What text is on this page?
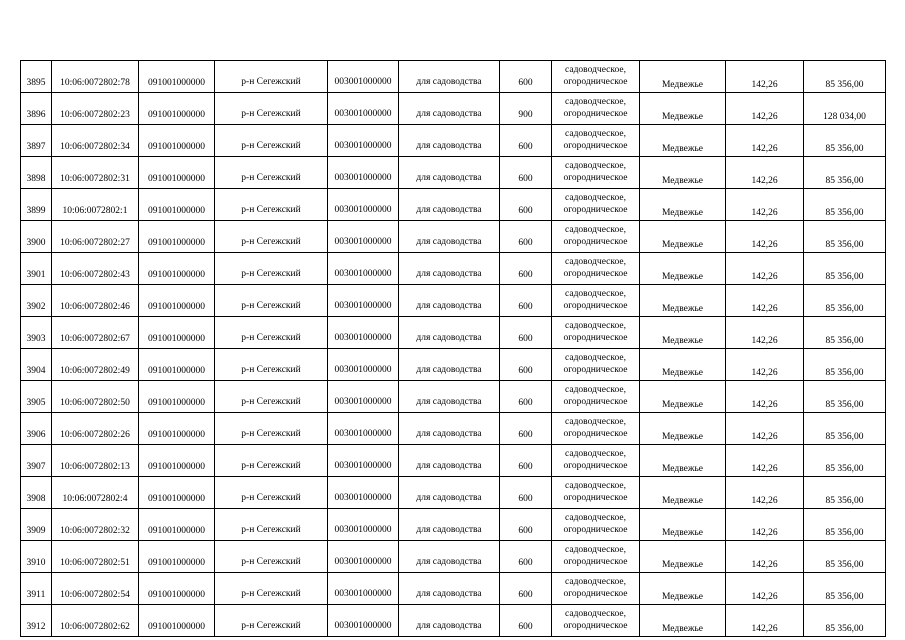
3895	10:06:0072802:78	091001000000	р-н Сегежский	003001000000	для садоводства	600	садоводческое,
огородническое	Медвежье	142,26	85 356,00
3896	10:06:0072802:23	091001000000	р-н Сегежский	003001000000	для садоводства	900	садоводческое,
огородническое	Медвежье	142,26	128 034,00
3897	10:06:0072802:34	091001000000	р-н Сегежский	003001000000	для садоводства	600	садоводческое,
огородническое	Медвежье	142,26	85 356,00
3898	10:06:0072802:31	091001000000	р-н Сегежский	003001000000	для садоводства	600	садоводческое,
огородническое	Медвежье	142,26	85 356,00
3899	10:06:0072802:1	091001000000	р-н Сегежский	003001000000	для садоводства	600	садоводческое,
огородническое	Медвежье	142,26	85 356,00
3900	10:06:0072802:27	091001000000	р-н Сегежский	003001000000	для садоводства	600	садоводческое,
огородническое	Медвежье	142,26	85 356,00
3901	10:06:0072802:43	091001000000	р-н Сегежский	003001000000	для садоводства	600	садоводческое,
огородническое	Медвежье	142,26	85 356,00
3902	10:06:0072802:46	091001000000	р-н Сегежский	003001000000	для садоводства	600	садоводческое,
огородническое	Медвежье	142,26	85 356,00
3903	10:06:0072802:67	091001000000	р-н Сегежский	003001000000	для садоводства	600	садоводческое,
огородническое	Медвежье	142,26	85 356,00
3904	10:06:0072802:49	091001000000	р-н Сегежский	003001000000	для садоводства	600	садоводческое,
огородническое	Медвежье	142,26	85 356,00
3905	10:06:0072802:50	091001000000	р-н Сегежский	003001000000	для садоводства	600	садоводческое,
огородническое	Медвежье	142,26	85 356,00
3906	10:06:0072802:26	091001000000	р-н Сегежский	003001000000	для садоводства	600	садоводческое,
огородническое	Медвежье	142,26	85 356,00
3907	10:06:0072802:13	091001000000	р-н Сегежский	003001000000	для садоводства	600	садоводческое,
огородническое	Медвежье	142,26	85 356,00
3908	10:06:0072802:4	091001000000	р-н Сегежский	003001000000	для садоводства	600	садоводческое,
огородническое	Медвежье	142,26	85 356,00
3909	10:06:0072802:32	091001000000	р-н Сегежский	003001000000	для садоводства	600	садоводческое,
огородническое	Медвежье	142,26	85 356,00
3910	10:06:0072802:51	091001000000	р-н Сегежский	003001000000	для садоводства	600	садоводческое,
огородническое	Медвежье	142,26	85 356,00
3911	10:06:0072802:54	091001000000	р-н Сегежский	003001000000	для садоводства	600	садоводческое,
огородническое	Медвежье	142,26	85 356,00
3912	10:06:0072802:62	091001000000	р-н Сегежский	003001000000	для садоводства	600	садоводческое,
огородническое	Медвежье	142,26	85 356,00
